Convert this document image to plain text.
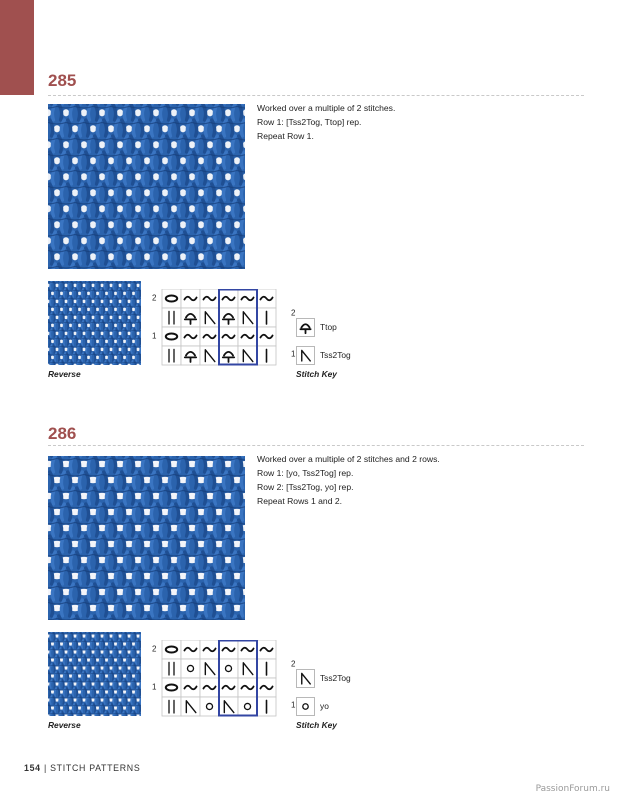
285
Worked over a multiple of 2 stitches.
Row 1: [Tss2Tog, Ttop] rep.
Repeat Row 1.
Reverse
2
1
2
1
Ttop
Tss2Tog
Stitch Key
286
Worked over a multiple of 2 stitches and 2 rows.
Row 1: [yo, Tss2Tog] rep.
Row 2: [Tss2Tog, yo] rep.
Repeat Rows 1 and 2.
Reverse
2
1
2
1
Tss2Tog
yo
Stitch Key
154 | STITCH PATTERNS
PassionForum.ru
